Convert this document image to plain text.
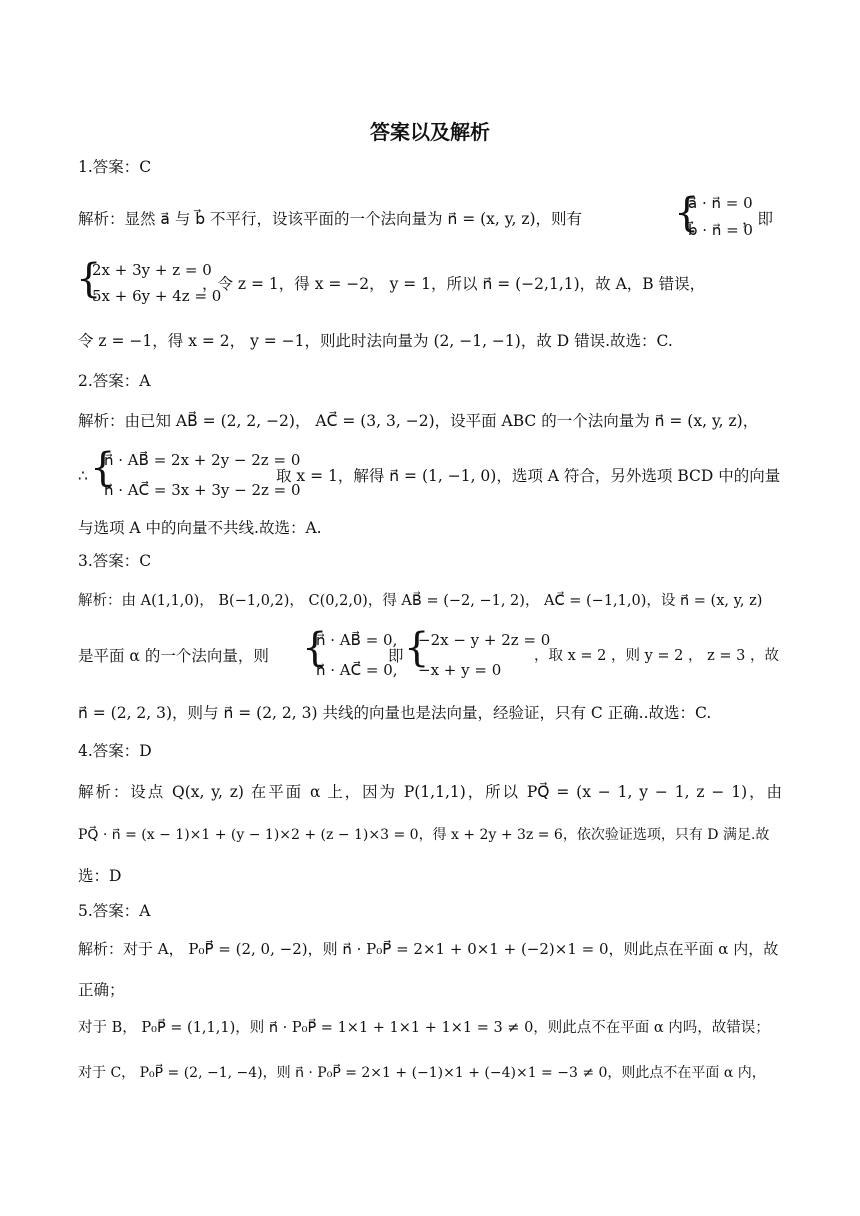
答案以及解析
1.答案：C
解析：显然 a⃗ 与 b⃗ 不平行，设该平面的一个法向量为 n⃗ = (x, y, z)，则有	{
a⃗ · n⃗ = 0
b⃗ · n⃗ = 0
，即
{
2x + 3y + z = 0
5x + 6y + 4z = 0
，令 z = 1，得 x = −2， y = 1，所以 n⃗ = (−2,1,1)，故 A，B 错误，
令 z = −1，得 x = 2， y = −1，则此时法向量为 (2, −1, −1)，故 D 错误.故选：C.
2.答案：A
解析：由已知 AB⃗ = (2, 2, −2)， AC⃗ = (3, 3, −2)，设平面 ABC 的一个法向量为 n⃗ = (x, y, z)，
∴ {
n⃗ · AB⃗ = 2x + 2y − 2z = 0
n⃗ · AC⃗ = 3x + 3y − 2z = 0
取 x = 1，解得 n⃗ = (1, −1, 0)，选项 A 符合，另外选项 BCD 中的向量
与选项 A 中的向量不共线.故选：A.
3.答案：C
解析：由 A(1,1,0)， B(−1,0,2)， C(0,2,0)，得 AB⃗ = (−2, −1, 2)， AC⃗ = (−1,1,0)，设 n⃗ = (x, y, z)
是平面 α 的一个法向量，则 {
n⃗ · AB⃗ = 0,
n⃗ · AC⃗ = 0,
即 {
−2x − y + 2z = 0
−x + y = 0
，取 x = 2 ，则 y = 2 ， z = 3 ，故
n⃗ = (2, 2, 3)，则与 n⃗ = (2, 2, 3) 共线的向量也是法向量，经验证，只有 C 正确..故选：C.
4.答案：D
解析：设点 Q(x, y, z) 在平面 α 上，因为 P(1,1,1)，所以 PQ⃗ = (x − 1, y − 1, z − 1)，由
PQ⃗ · n⃗ = (x − 1)×1 + (y − 1)×2 + (z − 1)×3 = 0，得 x + 2y + 3z = 6，依次验证选项，只有 D 满足.故
选：D
5.答案：A
解析：对于 A， P₀P⃗ = (2, 0, −2)，则 n⃗ · P₀P⃗ = 2×1 + 0×1 + (−2)×1 = 0，则此点在平面 α 内，故
正确；
对于 B， P₀P⃗ = (1,1,1)，则 n⃗ · P₀P⃗ = 1×1 + 1×1 + 1×1 = 3 ≠ 0，则此点不在平面 α 内吗，故错误；
对于 C， P₀P⃗ = (2, −1, −4)，则 n⃗ · P₀P⃗ = 2×1 + (−1)×1 + (−4)×1 = −3 ≠ 0，则此点不在平面 α 内，
